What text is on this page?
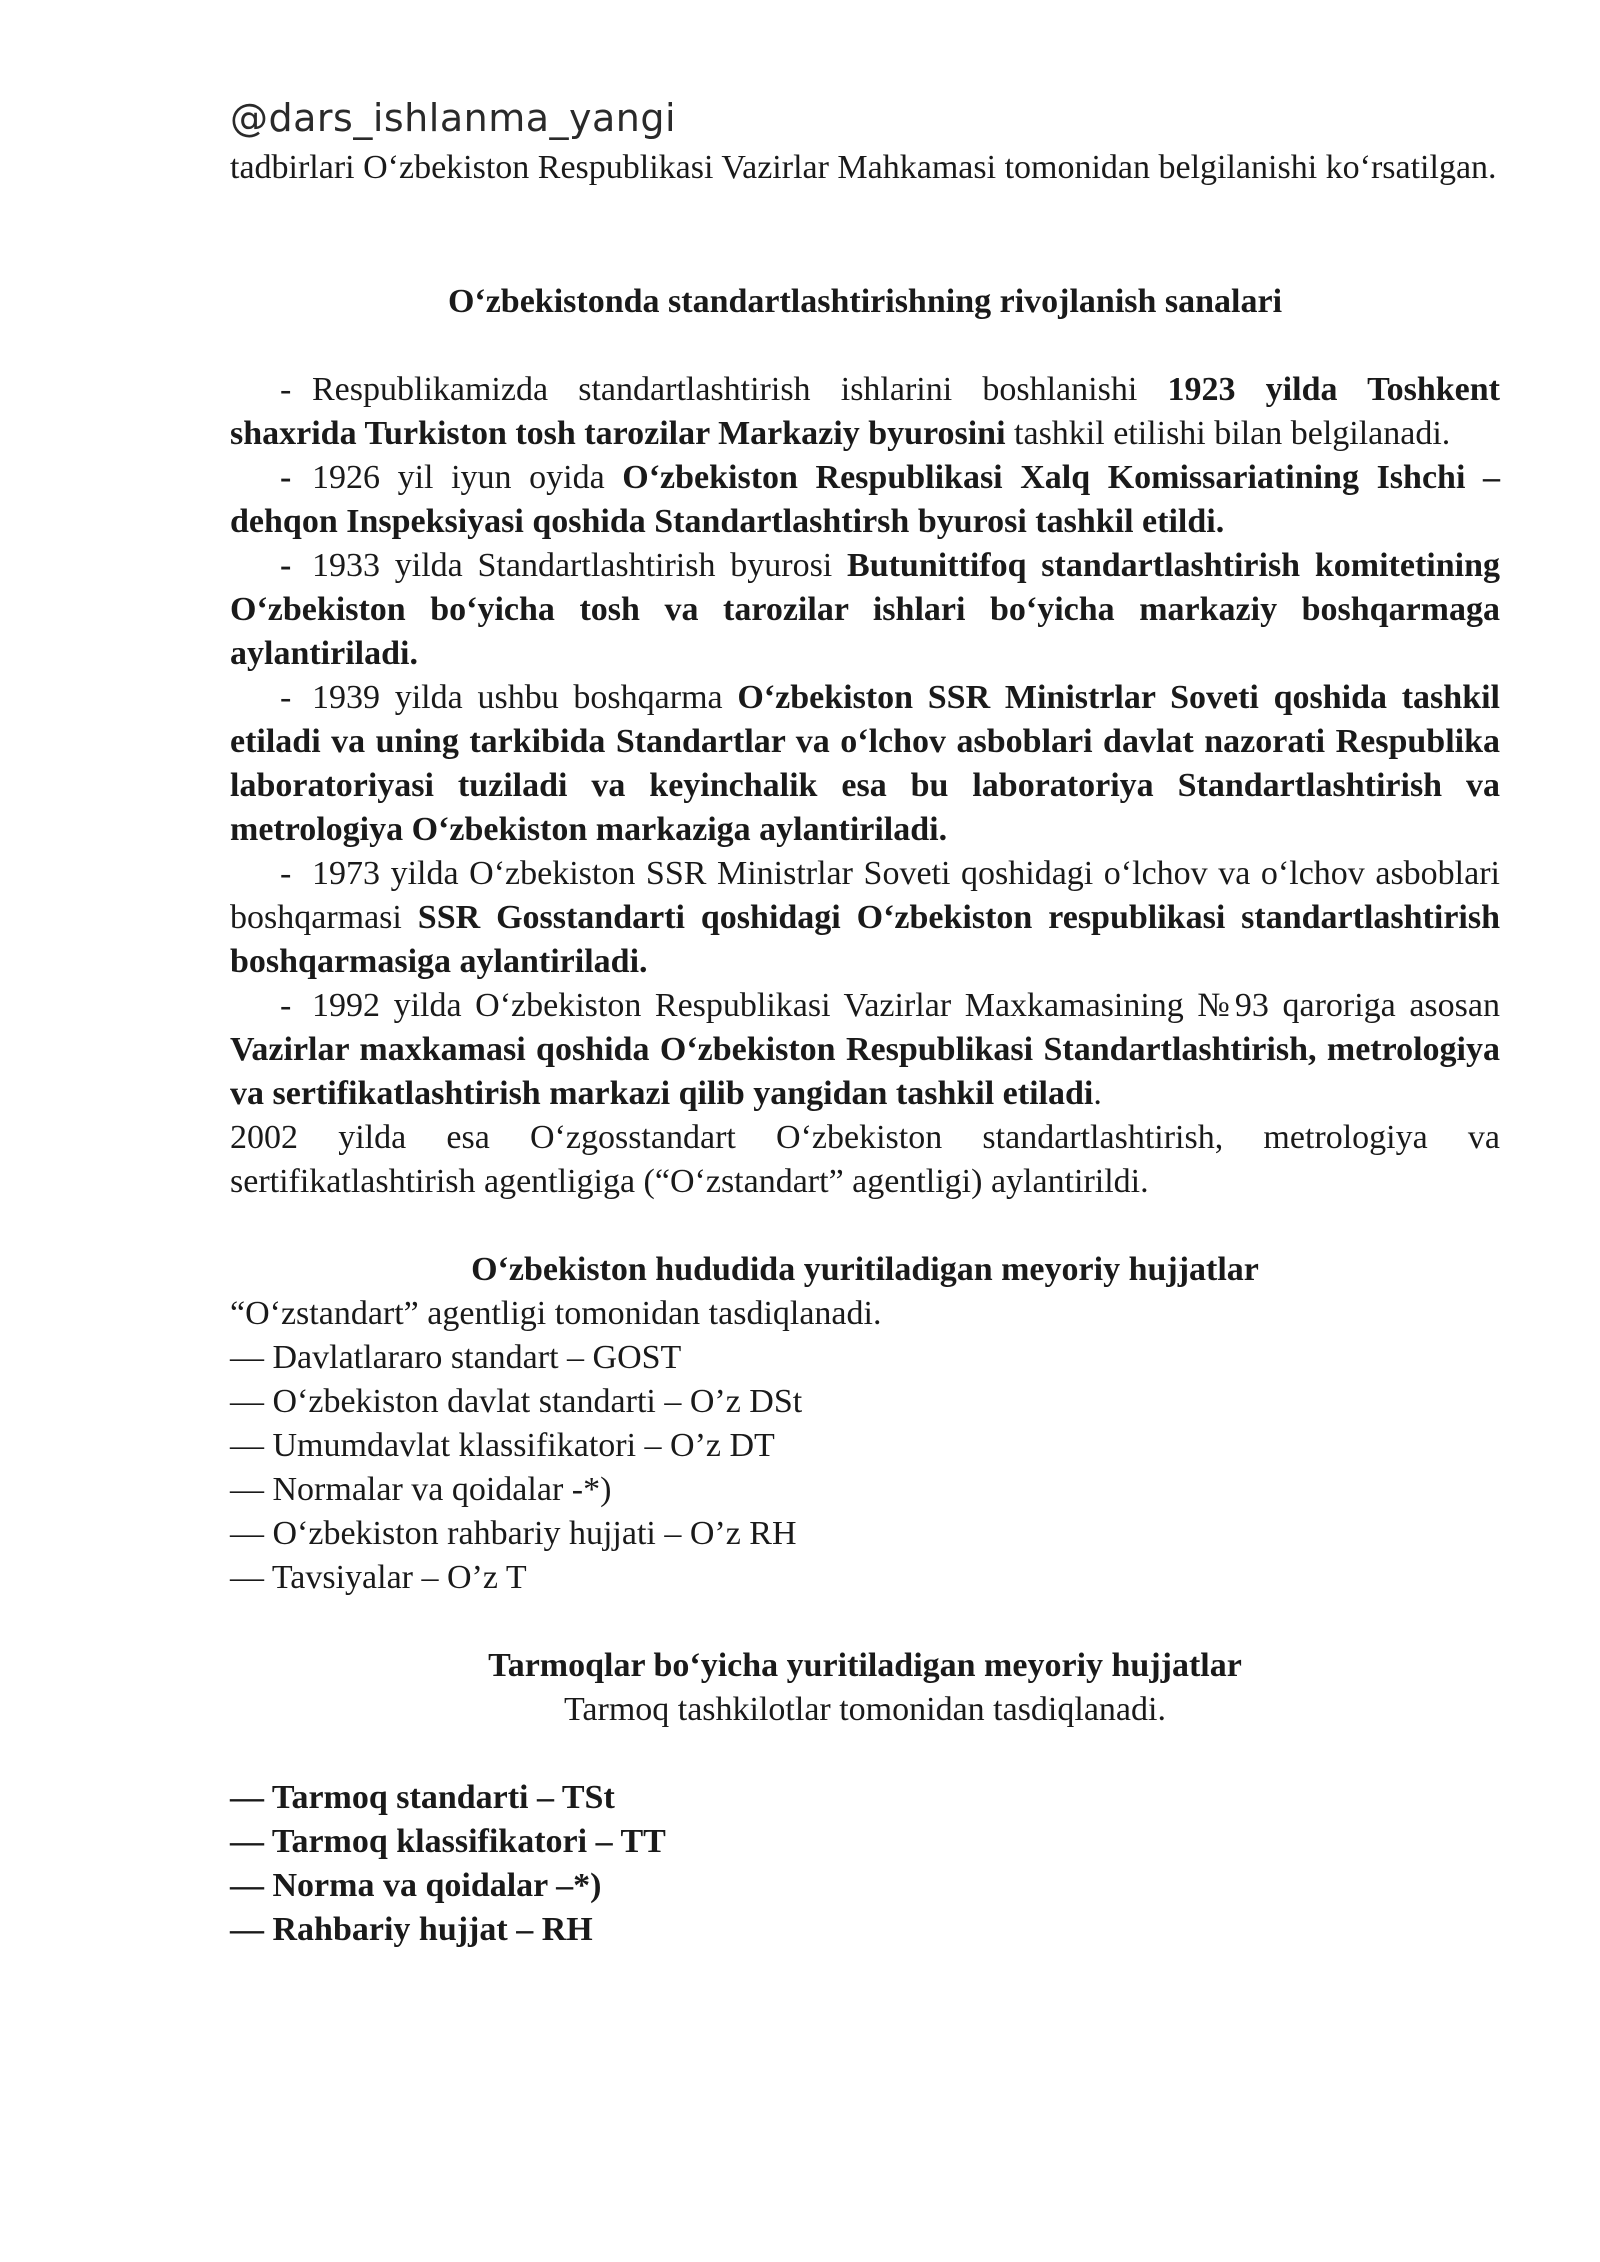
@dars_ishlanma_yangi

tadbirlari O‘zbekiston Respublikasi Vazirlar Mahkamasi tomonidan belgilanishi ko‘rsatilgan.

O‘zbekistonda standartlashtirishning rivojlanish sanalari

- Respublikamizda standartlashtirish ishlarini boshlanishi 1923 yilda Toshkent shaxrida Turkiston tosh tarozilar Markaziy byurosini tashkil etilishi bilan belgilanadi.

- 1926 yil iyun oyida O‘zbekiston Respublikasi Xalq Komissariatining Ishchi – dehqon Inspeksiyasi qoshida Standartlashtirsh byurosi tashkil etildi.

- 1933 yilda Standartlashtirish byurosi Butunittifoq standartlashtirish komitetining O‘zbekiston bo‘yicha tosh va tarozilar ishlari bo‘yicha markaziy boshqarmaga aylantiriladi.

- 1939 yilda ushbu boshqarma O‘zbekiston SSR Ministrlar Soveti qoshida tashkil etiladi va uning tarkibida Standartlar va o‘lchov asboblari davlat nazorati Respublika laboratoriyasi tuziladi va keyinchalik esa bu laboratoriya Standartlashtirish va metrologiya O‘zbekiston markaziga aylantiriladi.

- 1973 yilda O‘zbekiston SSR Ministrlar Soveti qoshidagi o‘lchov va o‘lchov asboblari boshqarmasi SSR Gosstandarti qoshidagi O‘zbekiston respublikasi standartlashtirish boshqarmasiga aylantiriladi.

- 1992 yilda O‘zbekiston Respublikasi Vazirlar Maxkamasining №93 qaroriga asosan Vazirlar maxkamasi qoshida O‘zbekiston Respublikasi Standartlashtirish, metrologiya va sertifikatlashtirish markazi qilib yangidan tashkil etiladi.

2002 yilda esa O‘zgosstandart O‘zbekiston standartlashtirish, metrologiya va sertifikatlashtirish agentligiga (“O‘zstandart” agentligi) aylantirildi.

O‘zbekiston hududida yuritiladigan meyoriy hujjatlar

“O‘zstandart” agentligi tomonidan tasdiqlanadi.

— Davlatlararo standart – GOST

— O‘zbekiston davlat standarti – O’z DSt

— Umumdavlat klassifikatori – O’z DT

— Normalar va qoidalar -*)

— O‘zbekiston rahbariy hujjati – O’z RH

— Tavsiyalar – O’z T

Tarmoqlar bo‘yicha yuritiladigan meyoriy hujjatlar
Tarmoq tashkilotlar tomonidan tasdiqlanadi.

— Tarmoq standarti – TSt

— Tarmoq klassifikatori – TT

— Norma va qoidalar –*)

— Rahbariy hujjat – RH
